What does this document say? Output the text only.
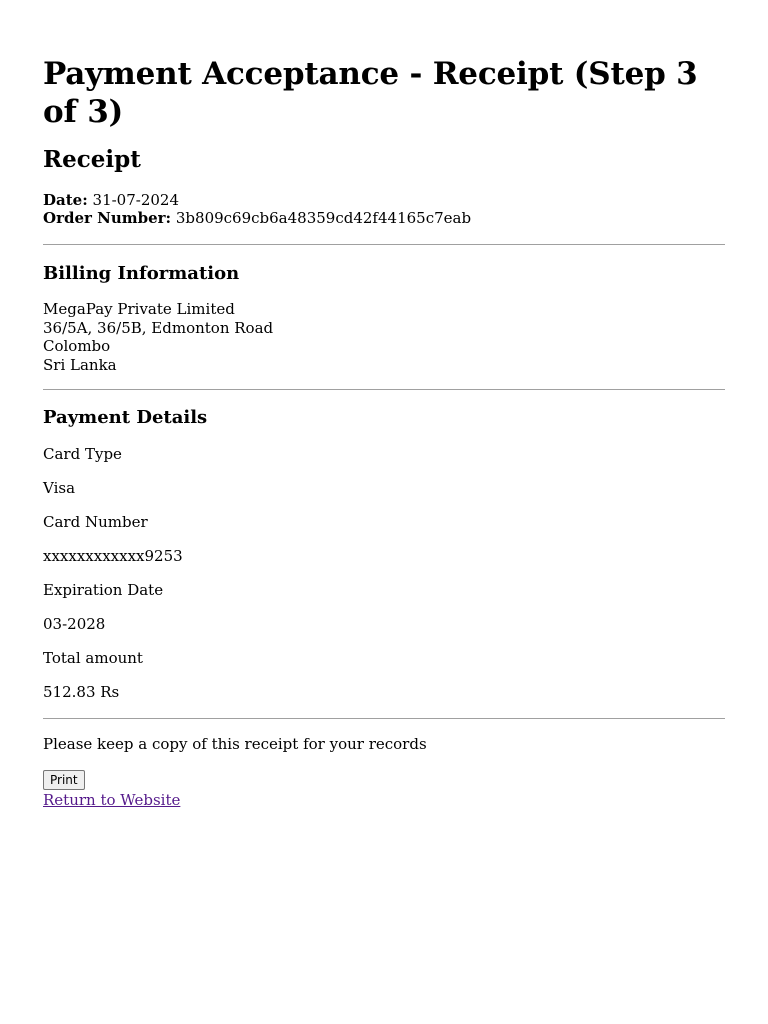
Payment Acceptance - Receipt (Step 3 of 3)
Receipt
Date: 31-07-2024
Order Number: 3b809c69cb6a48359cd42f44165c7eab
Billing Information
MegaPay Private Limited
36/5A, 36/5B, Edmonton Road
Colombo
Sri Lanka
Payment Details

Card Type

Visa

Card Number

xxxxxxxxxxxx9253

Expiration Date

03-2028

Total amount

512.83 Rs

Please keep a copy of this receipt for your records
Print
Return to Website
